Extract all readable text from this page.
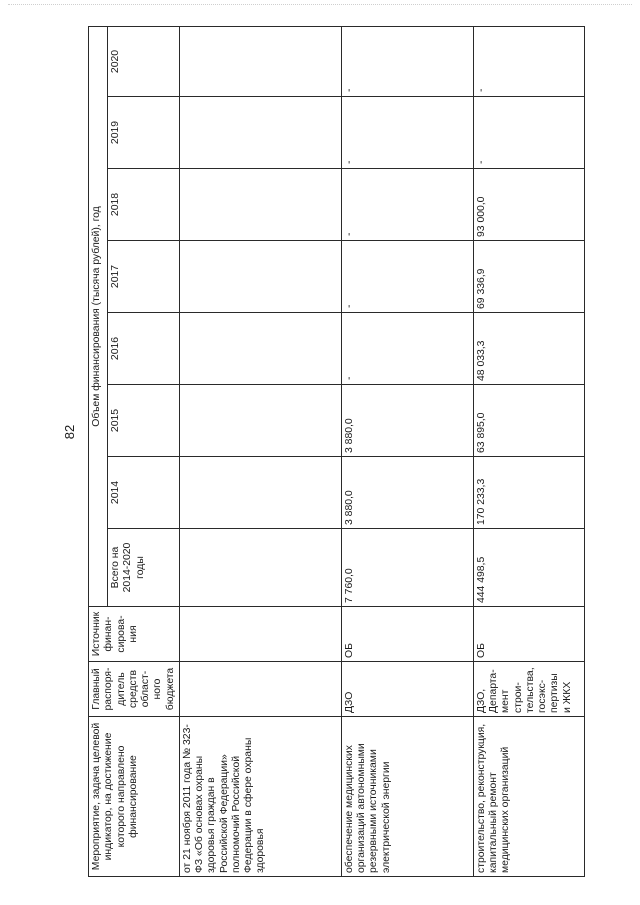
82
Мероприятие, задача целевой индикатор, на достижение которого направлено финансирование	Главный распоря-дитель средств област-ного бюджета	Источник финан-сирова-ния	Объем финансирования (тысяча рублей), год							
			Всего на 2014-2020 годы	2014	2015	2016	2017	2018	2019	2020
от 21 ноября 2011 года № 323-ФЗ «Об основах охраны здоровья граждан в Российской Федерации» полномочий Российской Федерации в сфере охраны здоровья										
обеспечение медицинских организаций автономными резервными источниками электрической энергии	ДЗО	ОБ	7 760,0	3 880,0	3 880,0	-	-	-	-	-
строительство, реконструкция, капитальный ремонт медицинских организаций	ДЗО, Департа-мент строи-тельства, госэкс-пертизы и ЖКХ	ОБ	444 498,5	170 233,3	63 895,0	48 033,3	69 336,9	93 000,0	-	-
